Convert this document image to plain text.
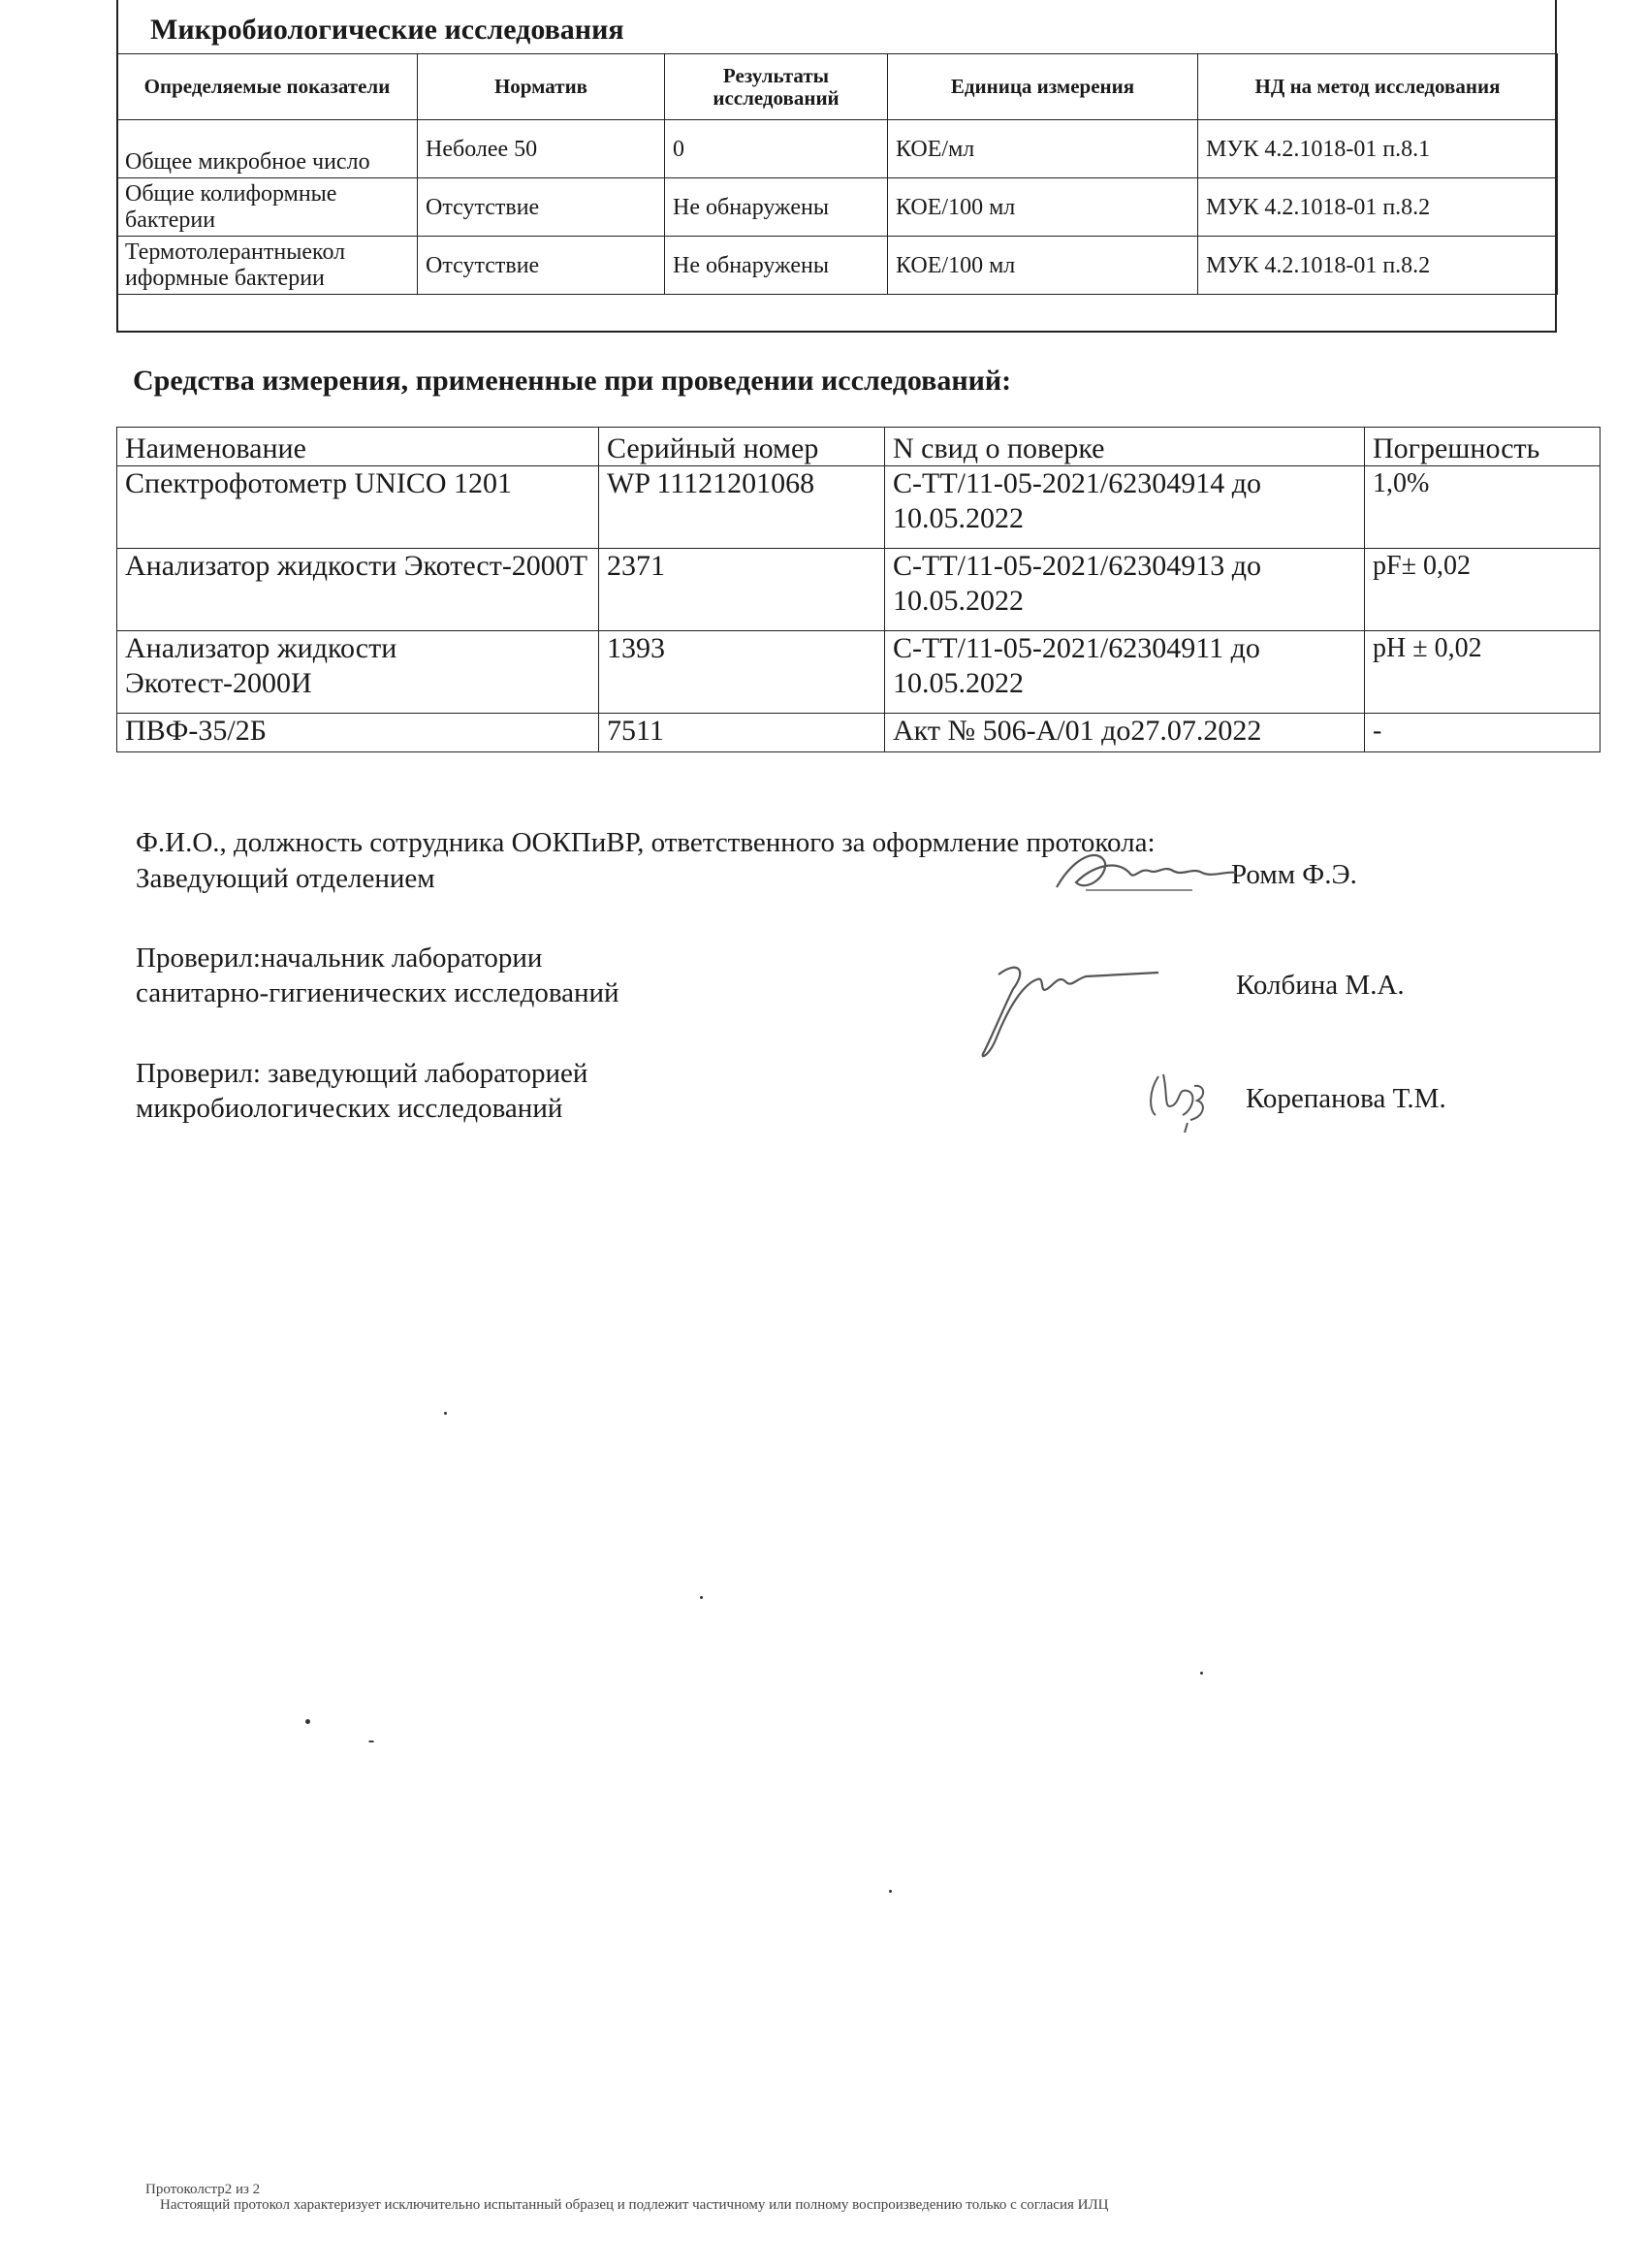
Микробиологические исследования
Определяемые показатели	Норматив	Результаты исследований	Единица измерения	НД на метод исследования
Общее микробное число	Неболее 50	0	КОЕ/мл	МУК 4.2.1018-01 п.8.1
Общие колиформные бактерии	Отсутствие	Не обнаружены	КОЕ/100 мл	МУК 4.2.1018-01 п.8.2
Термотолерантныекол иформные бактерии	Отсутствие	Не обнаружены	КОЕ/100 мл	МУК 4.2.1018-01 п.8.2
Средства измерения, примененные при проведении исследований:
Наименование	Серийный номер	N свид о поверке	Погрешность
Спектрофотометр UNICO 1201	WP 11121201068	С-ТТ/11-05-2021/62304914 до 10.05.2022	1,0%
Анализатор жидкости Экотест-2000Т	2371	С-ТТ/11-05-2021/62304913 до 10.05.2022	pF± 0,02
Анализатор жидкости Экотест-2000И	1393	С-ТТ/11-05-2021/62304911 до 10.05.2022	pH ± 0,02
ПВФ-35/2Б	7511	Акт № 506-А/01 до27.07.2022	-
Ф.И.О., должность сотрудника ООКПиВР, ответственного за оформление протокола:
Заведующий отделением	Ромм Ф.Э.
Проверил:начальник лаборатории
санитарно-гигиенических исследований	Колбина М.А.
Проверил: заведующий лабораторией
микробиологических исследований	Корепанова Т.М.
Протоколстр2 из 2
Настоящий протокол характеризует исключительно испытанный образец и подлежит частичному или полному воспроизведению только с согласия ИЛЦ
